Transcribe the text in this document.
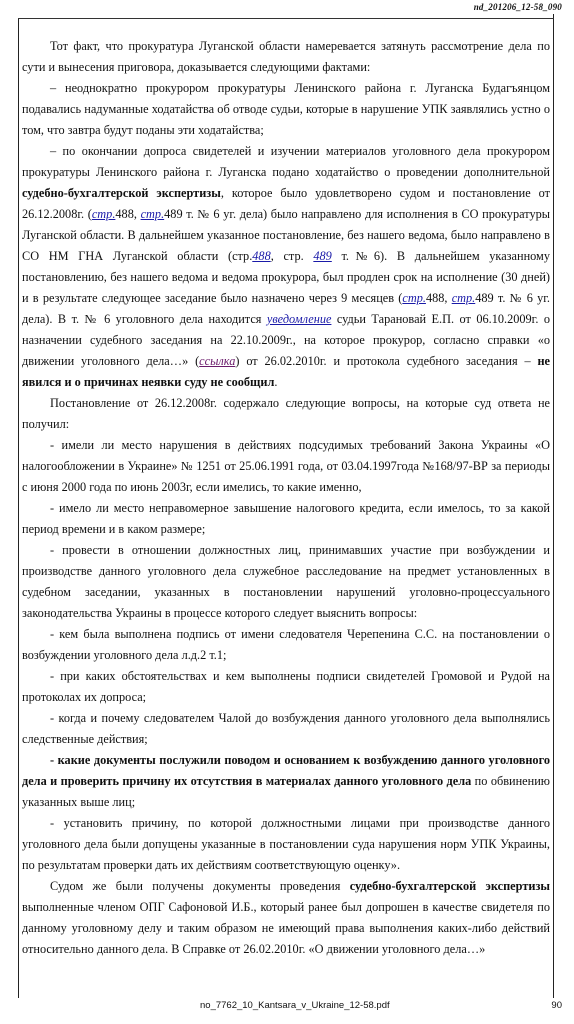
nd_201206_12-58_090

Тот факт, что прокуратура Луганской области намеревается затянуть рассмотрение дела по сути и вынесения приговора, доказывается следующими фактами:

– неоднократно прокурором прокуратуры Ленинского района г. Луганска Будагъянцом подавались надуманные ходатайства об отводе судьи, которые в нарушение УПК заявлялись устно о том, что завтра будут поданы эти ходатайства;

– по окончании допроса свидетелей и изучении материалов уголовного дела прокурором прокуратуры Ленинского района г. Луганска подано ходатайство о проведении дополнительной судебно-бухгалтерской экспертизы, которое было удовлетворено судом и постановление от 26.12.2008г. (стр.488, стр.489 т. № 6 уг. дела) было направлено для исполнения в СО прокуратуры Луганской области. В дальнейшем указанное постановление, без нашего ведома, было направлено в СО НМ ГНА Луганской области (стр.488, стр. 489 т.№6). В дальнейшем указанному постановлению, без нашего ведома и ведома прокурора, был продлен срок на исполнение (30 дней) и в результате следующее заседание было назначено через 9 месяцев (стр.488, стр.489 т. № 6 уг. дела). В т. № 6 уголовного дела находится уведомление судьи Тарановай Е.П. от 06.10.2009г. о назначении судебного заседания на 22.10.2009г., на которое прокурор, согласно справки «о движении уголовного дела…» (ссылка) от 26.02.2010г. и протокола судебного заседания – не явился и о причинах неявки суду не сообщил.

Постановление от 26.12.2008г. содержало следующие вопросы, на которые суд ответа не получил:

- имели ли место нарушения в действиях подсудимых требований Закона Украины «О налогообложении в Украине» № 1251 от 25.06.1991 года, от 03.04.1997года №168/97-ВР за периоды с июня 2000 года по июнь 2003г, если имелись, то какие именно,

- имело ли место неправомерное завышение налогового кредита, если имелось, то за какой период времени и в каком размере;

- провести в отношении должностных лиц, принимавших участие при возбуждении и производстве данного уголовного дела служебное расследование на предмет установленных в судебном заседании, указанных в постановлении нарушений уголовно-процессуального законодательства Украины в процессе которого следует выяснить вопросы:

- кем была выполнена подпись от имени следователя Черепенина С.С. на постановлении о возбуждении уголовного дела л.д.2 т.1;

- при каких обстоятельствах и кем выполнены подписи свидетелей Громовой и Рудой на протоколах их допроса;

- когда и почему следователем Чалой до возбуждения данного уголовного дела выполнялись следственные действия;

- какие документы послужили поводом и основанием к возбуждению данного уголовного дела и проверить причину их отсутствия в материалах данного уголовного дела по обвинению указанных выше лиц;

- установить причину, по которой должностными лицами при производстве данного уголовного дела были допущены указанные в постановлении суда нарушения норм УПК Украины, по результатам проверки дать их действиям соответствующую оценку».

Судом же были получены документы проведения судебно-бухгалтерской экспертизы выполненные членом ОПГ Сафоновой И.Б., который ранее был допрошен в качестве свидетеля по данному уголовному делу и таким образом не имеющий права выполнения каких-либо действий относительно данного дела. В Справке от 26.02.2010г. «О движении уголовного дела…»

no_7762_10_Kantsara_v_Ukraine_12-58.pdf	90
